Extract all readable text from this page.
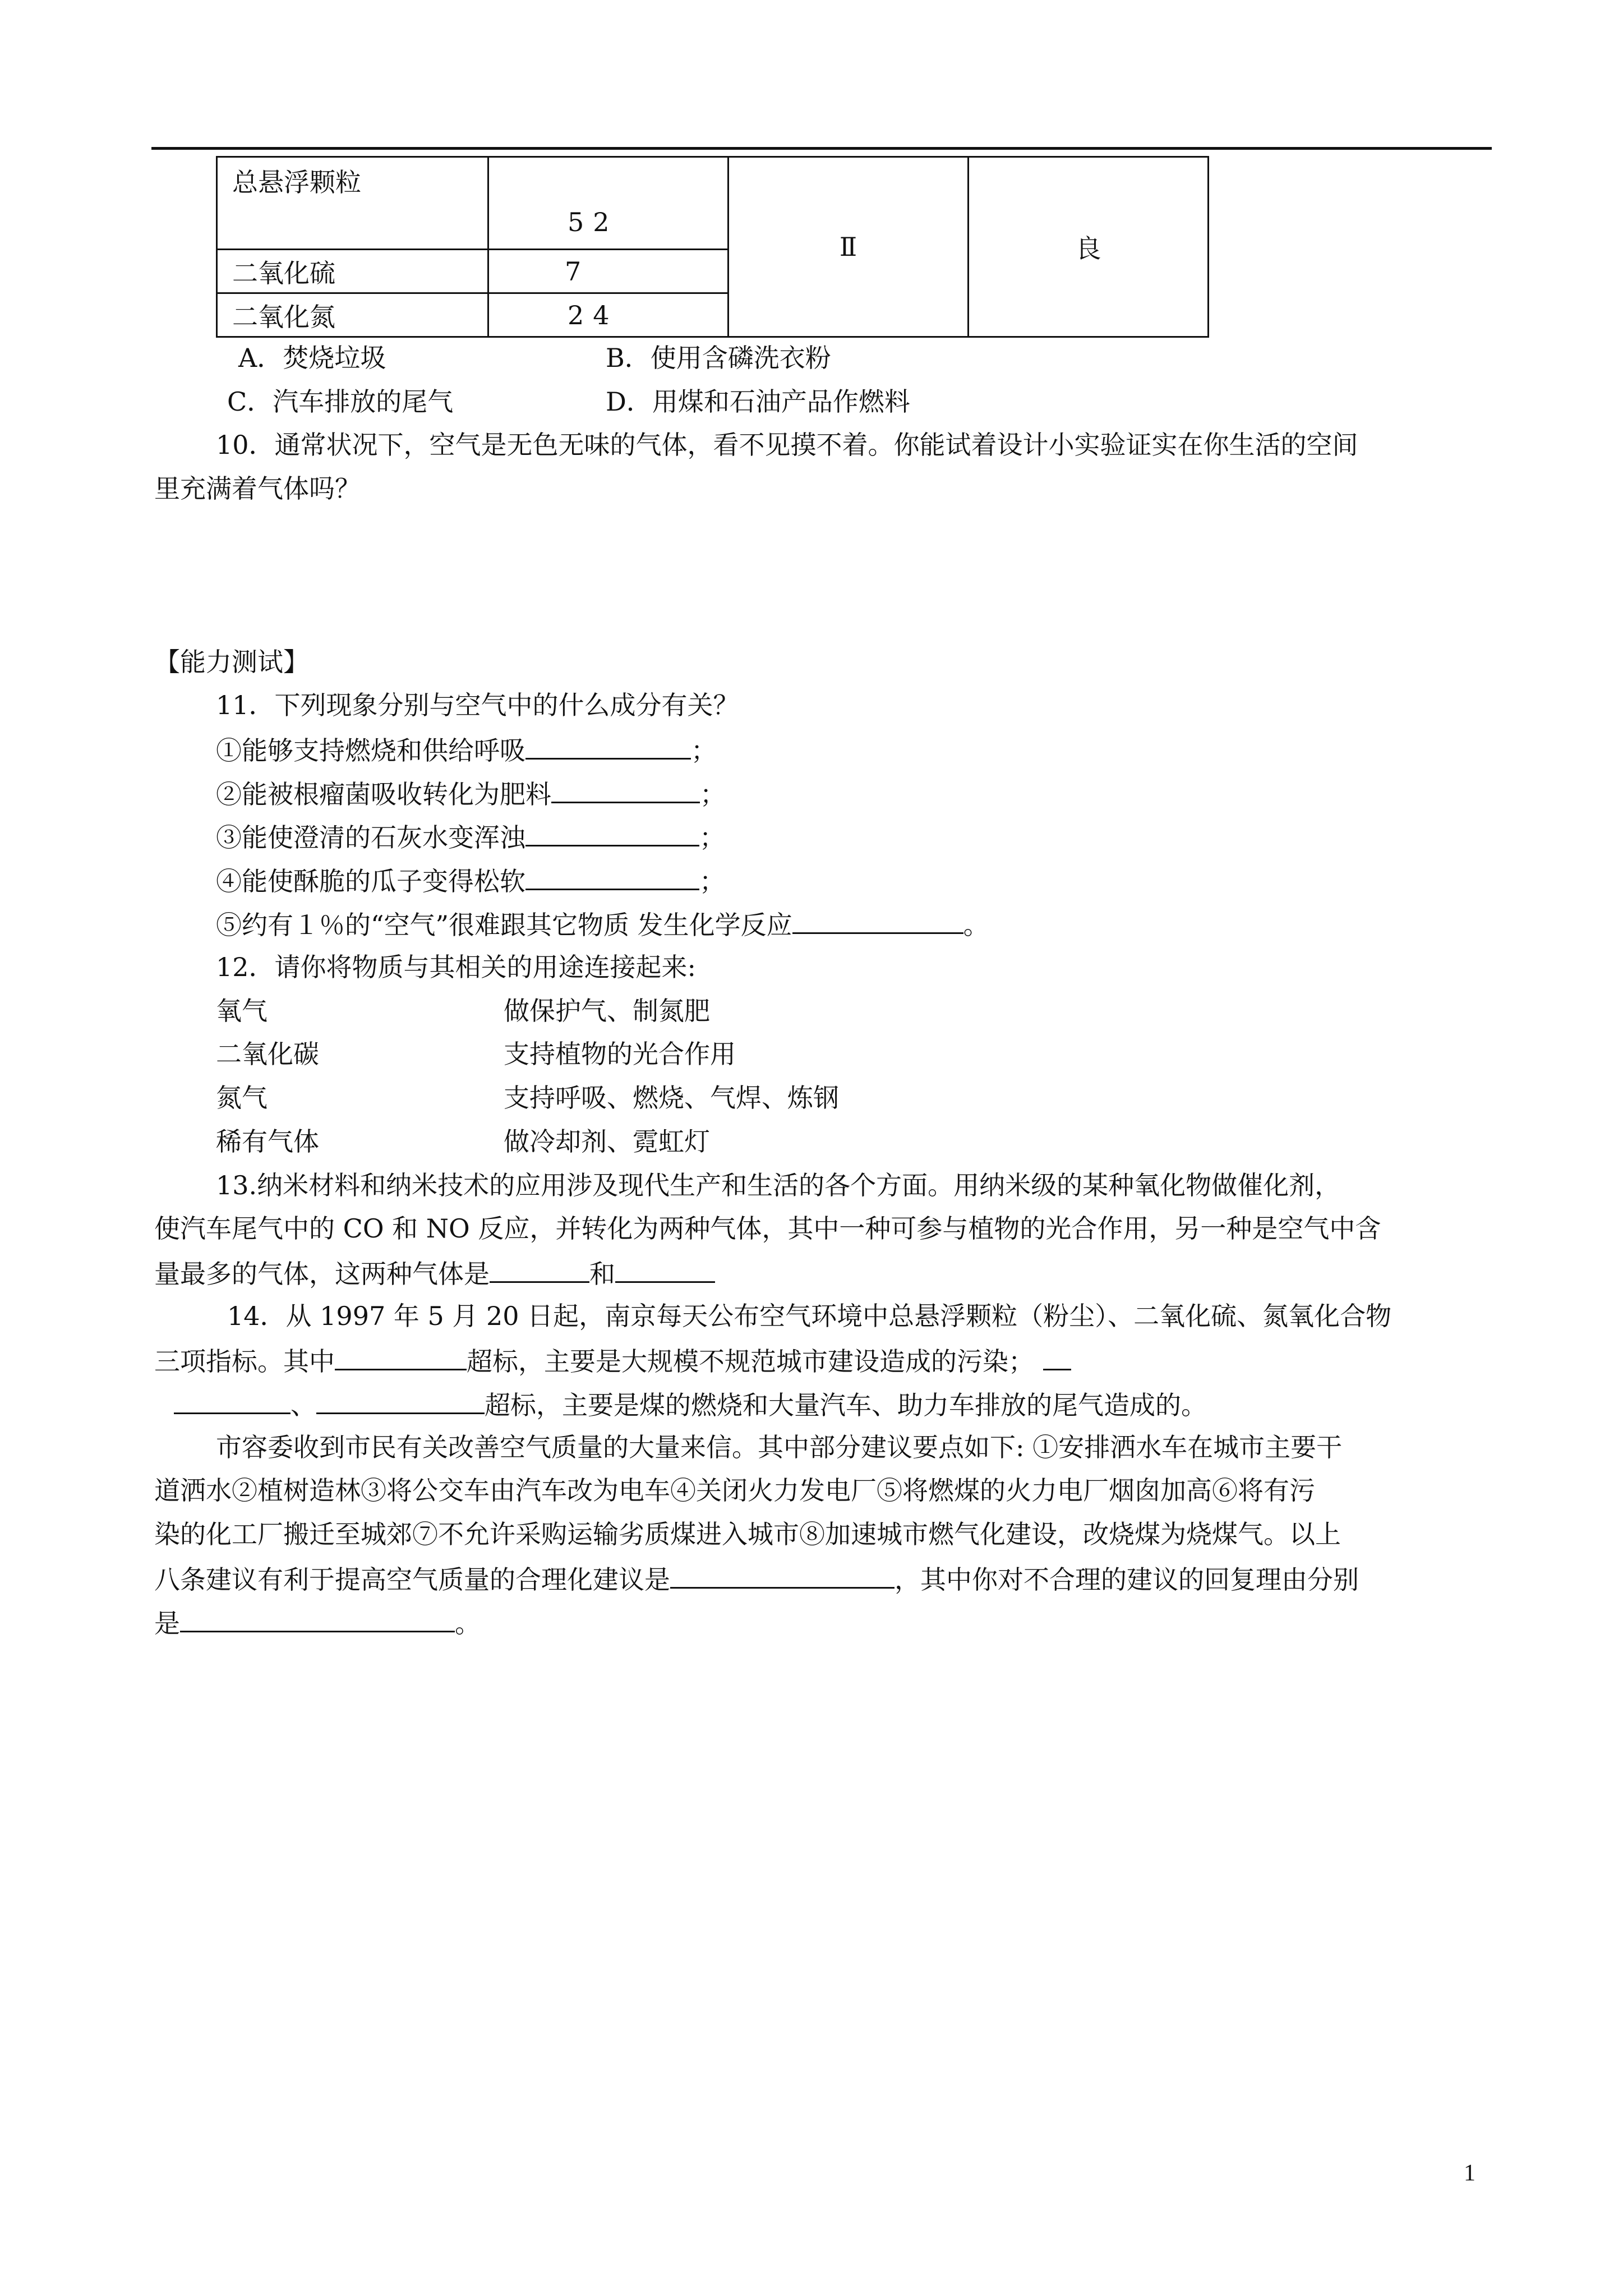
总悬浮颗粒	52	Ⅱ	良
二氧化硫	7		
二氧化氮	24		
A．焚烧垃圾	B．使用含磷洗衣粉
C．汽车排放的尾气	D．用煤和石油产品作燃料
10．通常状况下，空气是无色无味的气体，看不见摸不着。你能试着设计小实验证实在你生活的空间
里充满着气体吗？
【能力测试】
11．下列现象分别与空气中的什么成分有关？
①能够支持燃烧和供给呼吸	；
②能被根瘤菌吸收转化为肥料	；
③能使澄清的石灰水变浑浊	；
④能使酥脆的瓜子变得松软	；
⑤约有１％的“空气”很难跟其它物质 发生化学反应	。
12．请你将物质与其相关的用途连接起来:
氧气	做保护气、制氮肥
二氧化碳	支持植物的光合作用
氮气	支持呼吸、燃烧、气焊、炼钢
稀有气体	做冷却剂、霓虹灯
13.纳米材料和纳米技术的应用涉及现代生产和生活的各个方面。用纳米级的某种氧化物做催化剂，
使汽车尾气中的 CO 和 NO 反应，并转化为两种气体，其中一种可参与植物的光合作用，另一种是空气中含
量最多的气体，这两种气体是	和
14．从 1997 年 5 月 20 日起，南京每天公布空气环境中总悬浮颗粒（粉尘）、二氧化硫、氮氧化合物
三项指标。其中	超标，主要是大规模不规范城市建设造成的污染；
、	超标，主要是煤的燃烧和大量汽车、助力车排放的尾气造成的。
市容委收到市民有关改善空气质量的大量来信。其中部分建议要点如下: ①安排洒水车在城市主要干
道洒水②植树造林③将公交车由汽车改为电车④关闭火力发电厂⑤将燃煤的火力电厂烟囱加高⑥将有污
染的化工厂搬迁至城郊⑦不允许采购运输劣质煤进入城市⑧加速城市燃气化建设，改烧煤为烧煤气。以上
八条建议有利于提高空气质量的合理化建议是	，其中你对不合理的建议的回复理由分别
是	。
1
